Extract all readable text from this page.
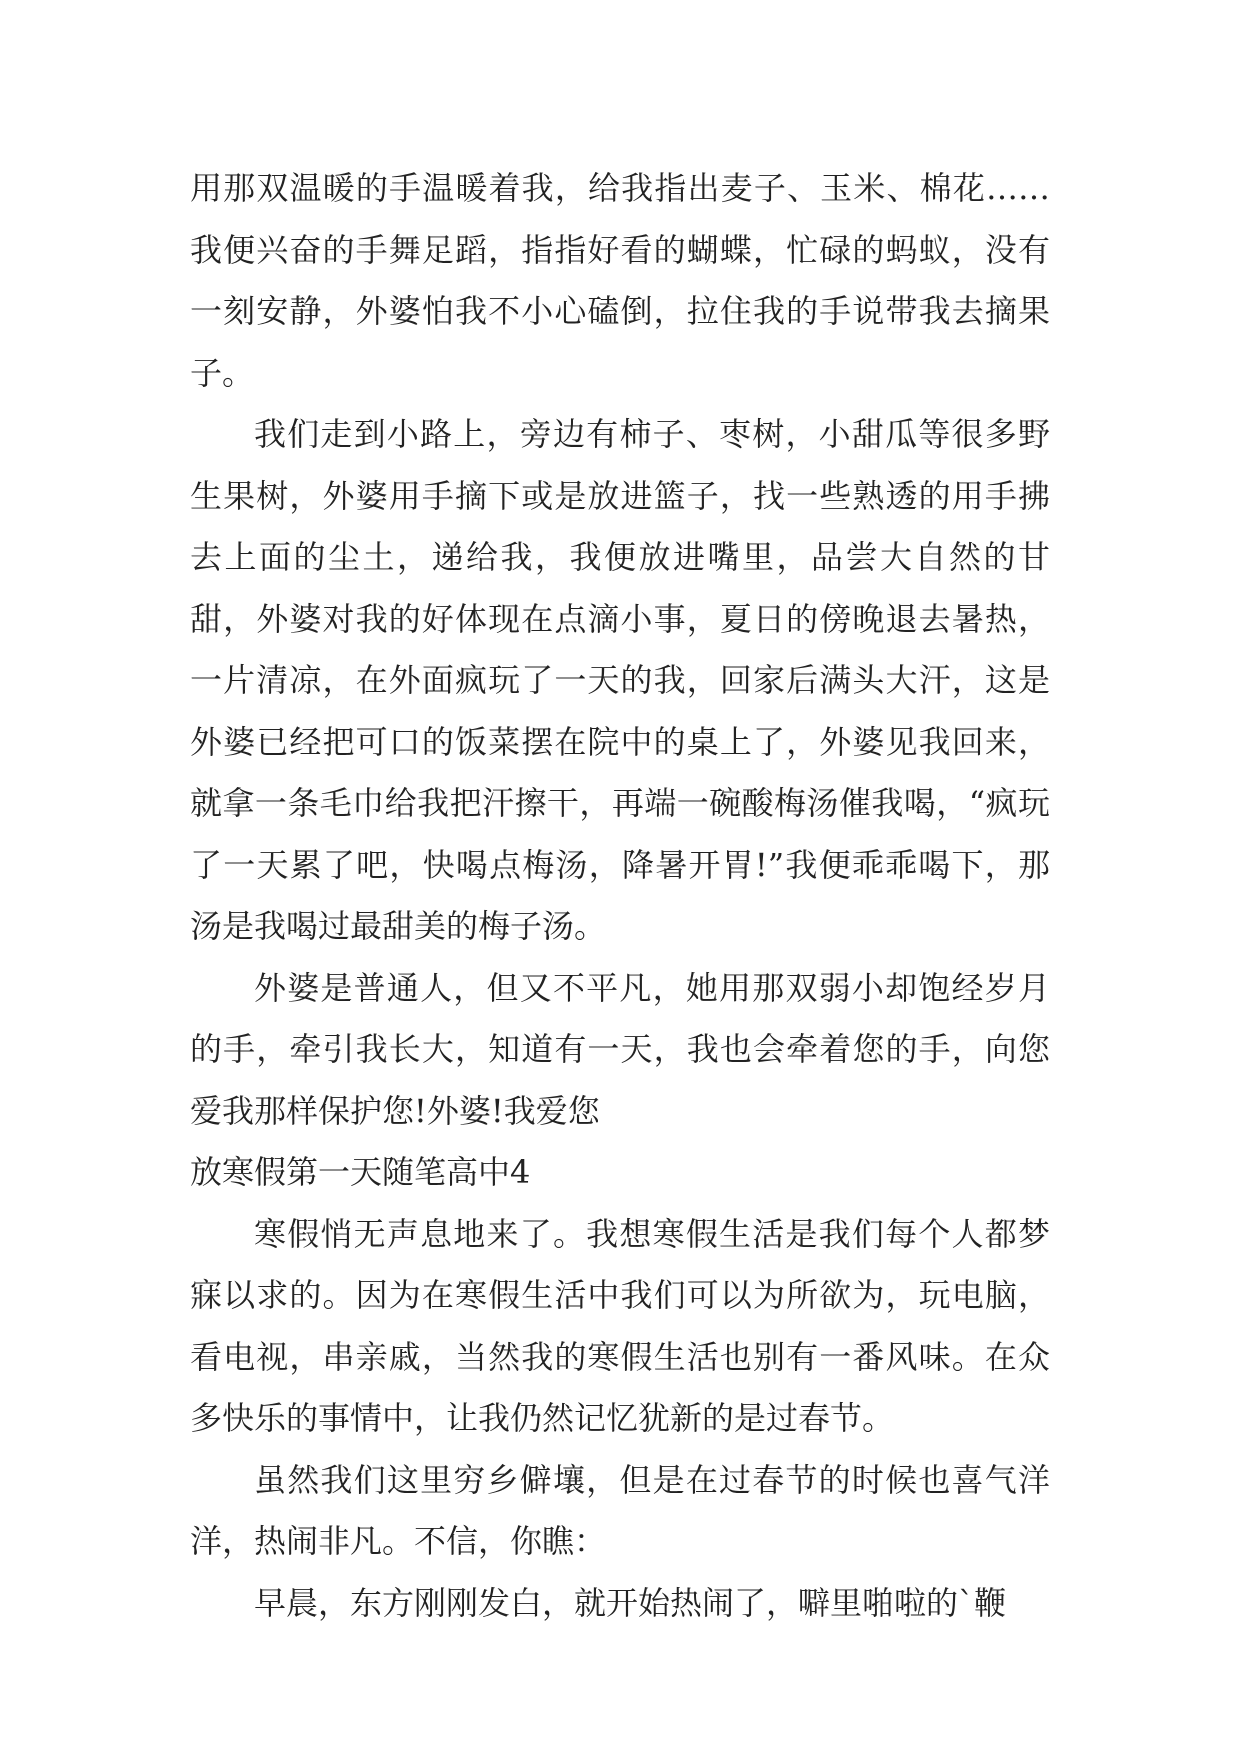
用那双温暖的手温暖着我，给我指出麦子、玉米、棉花……我便兴奋的手舞足蹈，指指好看的蝴蝶，忙碌的蚂蚁，没有一刻安静，外婆怕我不小心磕倒，拉住我的手说带我去摘果子。

我们走到小路上，旁边有柿子、枣树，小甜瓜等很多野生果树，外婆用手摘下或是放进篮子，找一些熟透的用手拂去上面的尘土，递给我，我便放进嘴里，品尝大自然的甘甜，外婆对我的好体现在点滴小事，夏日的傍晚退去暑热，一片清凉，在外面疯玩了一天的我，回家后满头大汗，这是外婆已经把可口的饭菜摆在院中的桌上了，外婆见我回来，就拿一条毛巾给我把汗擦干，再端一碗酸梅汤催我喝，“疯玩了一天累了吧，快喝点梅汤，降暑开胃!”我便乖乖喝下，那汤是我喝过最甜美的梅子汤。

外婆是普通人，但又不平凡，她用那双弱小却饱经岁月的手，牵引我长大，知道有一天，我也会牵着您的手，向您爱我那样保护您!外婆!我爱您

放寒假第一天随笔高中4

寒假悄无声息地来了。我想寒假生活是我们每个人都梦寐以求的。因为在寒假生活中我们可以为所欲为，玩电脑，看电视，串亲戚，当然我的寒假生活也别有一番风味。在众多快乐的事情中，让我仍然记忆犹新的是过春节。

虽然我们这里穷乡僻壤，但是在过春节的时候也喜气洋洋，热闹非凡。不信，你瞧：

早晨，东方刚刚发白，就开始热闹了，噼里啪啦的`鞭
